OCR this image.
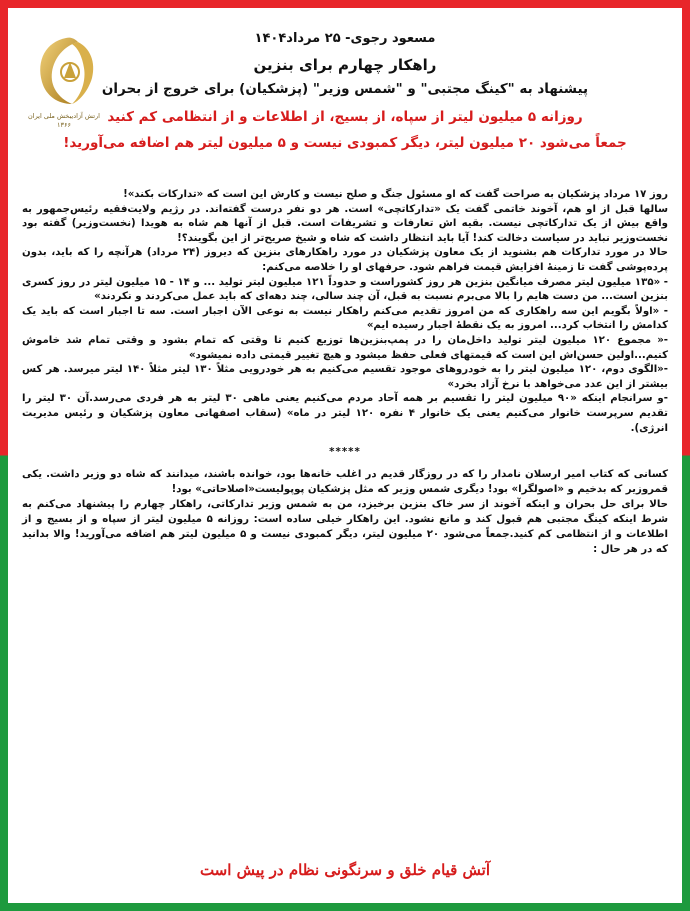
ارتش آزادیبخش ملی ایران
۱۳۶۶
مسعود رجوی- ۲۵ مرداد۱۴۰۴
راهکار چهارم برای بنزین
پیشنهاد به "کینگ مجتبی" و "شمس وزیر" (پزشکیان) برای خروج از بحران
روزانه ۵ میلیون لیتر از سپاه، از بسیج، از اطلاعات و از انتظامی کم کنید
جمعاً می‌شود ۲۰ میلیون لیتر، دیگر کمبودی نیست و ۵ میلیون لیتر هم اضافه می‌آورید!

روز ۱۷ مرداد پزشکیان به صراحت گفت که او مسئول جنگ و صلح نیست و کارش این است که «تدارکات بکند»!

سالها قبل از او هم، آخوند خاتمی گفت یک «تدارکاتچی» است. هر دو نفر درست گفته‌اند. در رژیم ولایت‌فقیه رئیس‌جمهور به واقع بیش از یک تدارکاتچی نیست. بقیه اش تعارفات و تشریفات است. قبل از آنها هم شاه به هویدا (نخست‌وزیر) گفته بود نخست‌وزیر نباید در سیاست دخالت کند! آیا باید انتظار داشت که شاه و شیخ صریح‌تر از این بگویند؟!

حالا در مورد تدارکات هم بشنوید از یک معاون پزشکیان در مورد راهکارهای بنزین که دیروز (۲۴ مرداد) هرآنچه را که باید، بدون پرده‌پوشی گفت تا زمینهٔ افزایش قیمت فراهم شود. حرفهای او را خلاصه می‌کنم:

- «۱۳۵ میلیون لیتر مصرف میانگین بنزین هر روز کشوراست و حدوداً ۱۲۱ میلیون لیتر تولید ... و ۱۴ - ۱۵ میلیون لیتر در روز کسری بنزین است... من دست هایم را بالا می‌برم نسبت به قبل، آن چند سالی، چند دهه‌ای که باید عمل می‌کردند و نکردند»

- «اولاً بگویم این سه راهکاری که من امروز تقدیم می‌کنم راهکار نیست به نوعی الآن اجبار است. سه تا اجبار است که باید یک کدامش را انتخاب کرد... امروز به یک نقطهٔ اجبار رسیده ایم»

-« مجموع ۱۲۰ میلیون لیتر تولید داخل‌مان را در پمپ‌بنزین‌ها توزیع کنیم تا وقتی که تمام بشود و وقتی تمام شد خاموش کنیم...اولین حسن‌اش این است که قیمتهای فعلی حفظ میشود و هیچ تغییر قیمتی داده نمیشود»

-«الگوی دوم، ۱۲۰ میلیون لیتر را به خودروهای موجود تقسیم می‌کنیم به هر خودرویی مثلاً ۱۳۰ لیتر مثلاً ۱۴۰ لیتر میرسد. هر کس بیشتر از این عدد می‌خواهد با نرخ آزاد بخرد»

-و سرانجام اینکه «۹۰ میلیون لیتر را تقسیم بر همه آحاد مردم می‌کنیم یعنی ماهی ۳۰ لیتر به هر فردی می‌رسد.آن ۳۰ لیتر را تقدیم سرپرست خانوار می‌کنیم یعنی یک خانوار ۴ نفره ۱۲۰ لیتر در ماه» (سقاب اصفهانی معاون پزشکیان و رئیس مدیریت انرژی).

*****

کسانی که کتاب امیر ارسلان نامدار را که در روزگار قدیم در اغلب خانه‌ها بود، خوانده باشند، میدانند که شاه دو وزیر داشت. یکی قمروزیر که بدخیم و «اصولگرا» بود! دیگری شمس وزیر که مثل پزشکیان پوپولیست«اصلاحاتی» بود!

حالا برای حل بحران و اینکه آخوند از سر خاک بنزین برخیزد، من به شمس وزیر تدارکاتی، راهکار چهارم را پیشنهاد می‌کنم به شرط اینکه کینگ مجتبی هم قبول کند و مانع نشود. این راهکار خیلی ساده است: روزانه ۵ میلیون لیتر از سپاه و از بسیج و از اطلاعات و از انتظامی کم کنید.جمعاً می‌شود ۲۰ میلیون لیتر، دیگر کمبودی نیست و ۵ میلیون لیتر هم اضافه می‌آورید! والا بدانید که در هر حال :

آتش قیام خلق و سرنگونی نظام در پیش است
